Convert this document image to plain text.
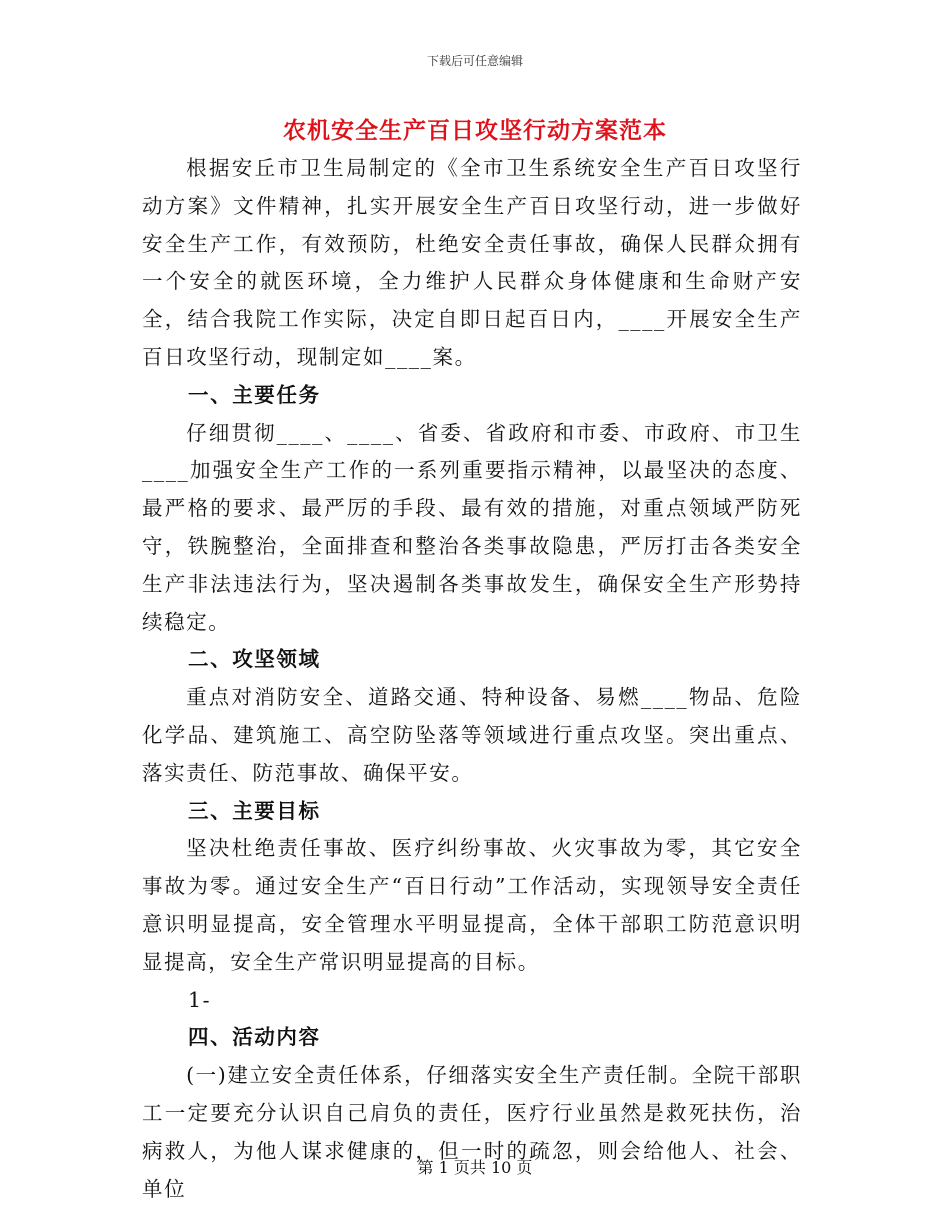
下载后可任意编辑
农机安全生产百日攻坚行动方案范本

根据安丘市卫生局制定的《全市卫生系统安全生产百日攻坚行动方案》文件精神，扎实开展安全生产百日攻坚行动，进一步做好安全生产工作，有效预防，杜绝安全责任事故，确保人民群众拥有一个安全的就医环境，全力维护人民群众身体健康和生命财产安全，结合我院工作实际，决定自即日起百日内，____开展安全生产百日攻坚行动，现制定如____案。

一、主要任务

仔细贯彻____、____、省委、省政府和市委、市政府、市卫生____加强安全生产工作的一系列重要指示精神，以最坚决的态度、最严格的要求、最严厉的手段、最有效的措施，对重点领域严防死守，铁腕整治，全面排查和整治各类事故隐患，严厉打击各类安全生产非法违法行为，坚决遏制各类事故发生，确保安全生产形势持续稳定。

二、攻坚领域

重点对消防安全、道路交通、特种设备、易燃____物品、危险化学品、建筑施工、高空防坠落等领域进行重点攻坚。突出重点、落实责任、防范事故、确保平安。

三、主要目标

坚决杜绝责任事故、医疗纠纷事故、火灾事故为零，其它安全事故为零。通过安全生产“百日行动”工作活动，实现领导安全责任意识明显提高，安全管理水平明显提高，全体干部职工防范意识明显提高，安全生产常识明显提高的目标。

1-

四、活动内容

(一)建立安全责任体系，仔细落实安全生产责任制。全院干部职工一定要充分认识自己肩负的责任，医疗行业虽然是救死扶伤，治病救人，为他人谋求健康的，但一时的疏忽，则会给他人、社会、单位

第 1 页共 10 页
